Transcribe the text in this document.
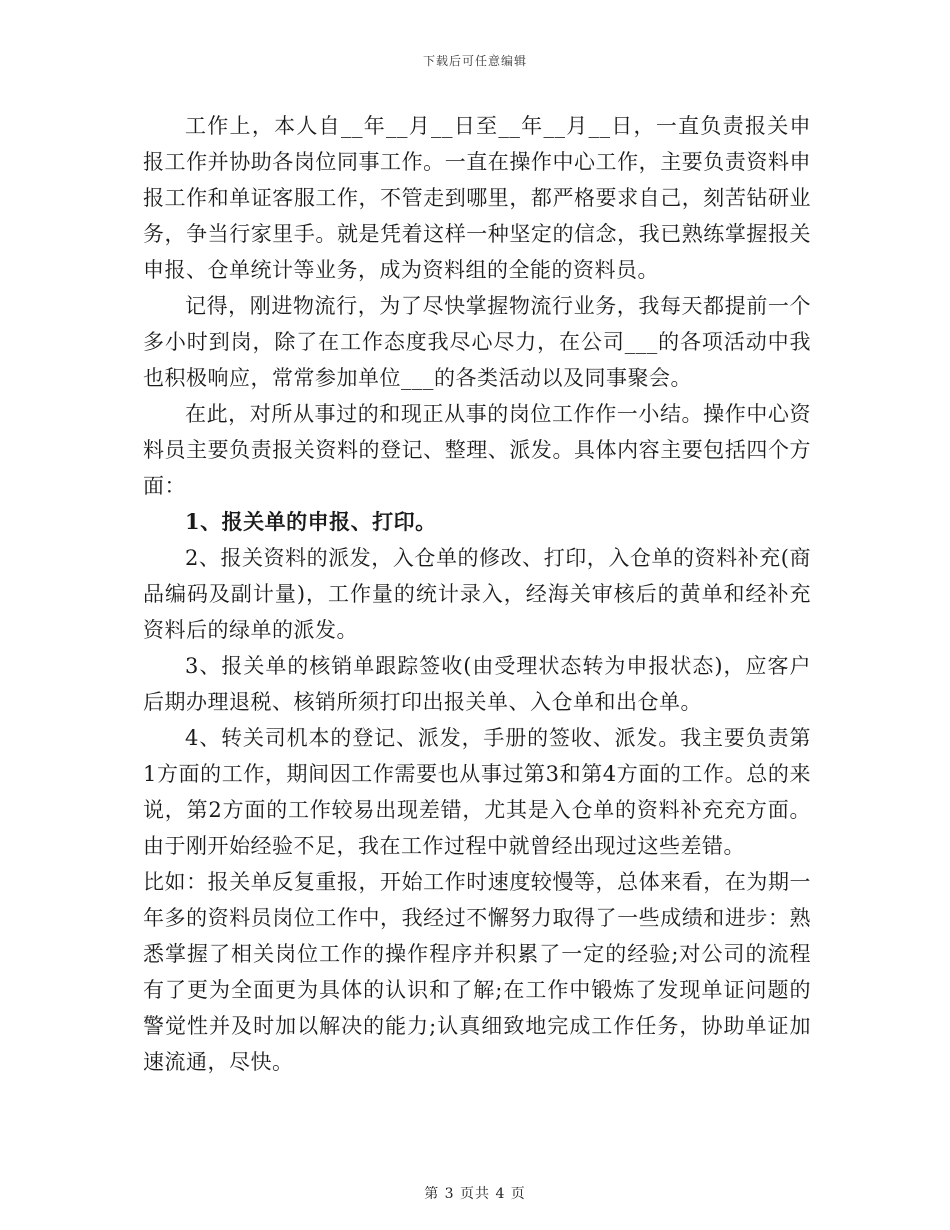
下载后可任意编辑

工作上，本人自__年__月__日至__年__月__日，一直负责报关申报工作并协助各岗位同事工作。一直在操作中心工作，主要负责资料申报工作和单证客服工作，不管走到哪里，都严格要求自己，刻苦钻研业务，争当行家里手。就是凭着这样一种坚定的信念，我已熟练掌握报关申报、仓单统计等业务，成为资料组的全能的资料员。

记得，刚进物流行，为了尽快掌握物流行业务，我每天都提前一个多小时到岗，除了在工作态度我尽心尽力，在公司___的各项活动中我也积极响应，常常参加单位___的各类活动以及同事聚会。

在此，对所从事过的和现正从事的岗位工作作一小结。操作中心资料员主要负责报关资料的登记、整理、派发。具体内容主要包括四个方面：

1、报关单的申报、打印。

2、报关资料的派发，入仓单的修改、打印，入仓单的资料补充(商品编码及副计量)，工作量的统计录入，经海关审核后的黄单和经补充资料后的绿单的派发。

3、报关单的核销单跟踪签收(由受理状态转为申报状态)，应客户后期办理退税、核销所须打印出报关单、入仓单和出仓单。

4、转关司机本的登记、派发，手册的签收、派发。我主要负责第1方面的工作，期间因工作需要也从事过第3和第4方面的工作。总的来说，第2方面的工作较易出现差错，尤其是入仓单的资料补充充方面。由于刚开始经验不足，我在工作过程中就曾经出现过这些差错。

比如：报关单反复重报，开始工作时速度较慢等，总体来看，在为期一年多的资料员岗位工作中，我经过不懈努力取得了一些成绩和进步：熟悉掌握了相关岗位工作的操作程序并积累了一定的经验;对公司的流程有了更为全面更为具体的认识和了解;在工作中锻炼了发现单证问题的警觉性并及时加以解决的能力;认真细致地完成工作任务，协助单证加速流通，尽快。

第 3 页共 4 页
